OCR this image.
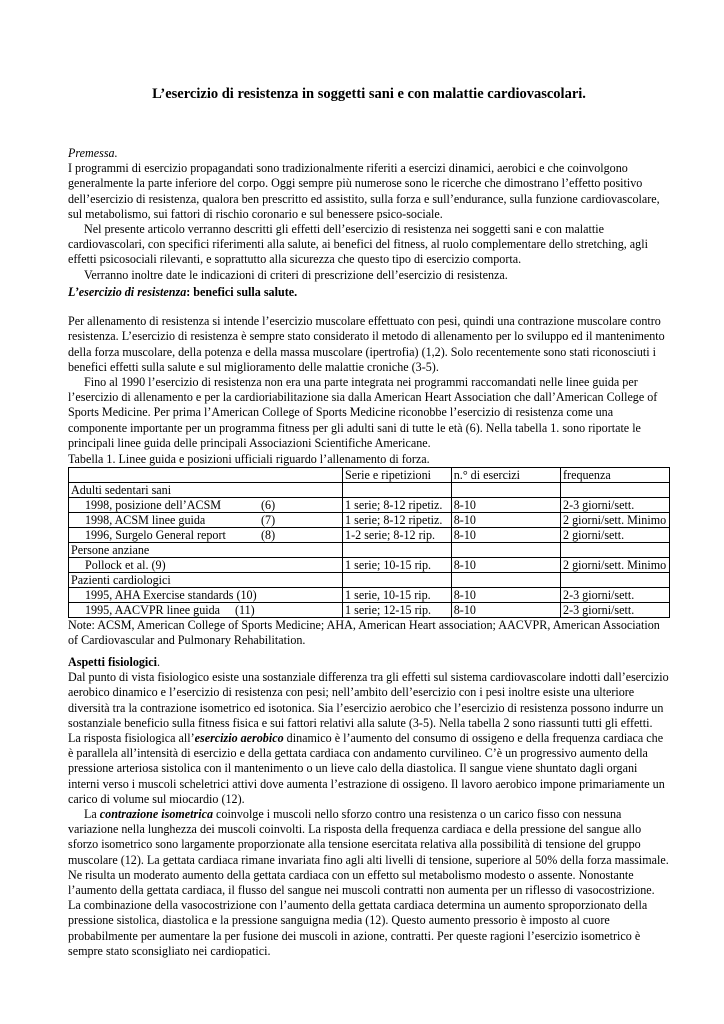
L’esercizio di resistenza in soggetti sani e con malattie cardiovascolari.

Premessa.

I programmi di esercizio propagandati sono tradizionalmente riferiti a esercizi dinamici, aerobici e che coinvolgono generalmente la parte inferiore del corpo. Oggi sempre più numerose sono le ricerche che dimostrano l’effetto positivo dell’esercizio di resistenza, qualora ben prescritto ed assistito, sulla forza e sull’endurance, sulla funzione cardiovascolare, sul metabolismo, sui fattori di rischio coronario e sul benessere psico-sociale.

Nel presente articolo verranno descritti gli effetti dell’esercizio di resistenza nei soggetti sani e con malattie cardiovascolari, con specifici riferimenti alla salute, ai benefici del fitness, al ruolo complementare dello stretching, agli effetti psicosociali rilevanti, e soprattutto alla sicurezza che questo tipo di esercizio comporta.

Verranno inoltre date le indicazioni di criteri di prescrizione dell’esercizio di resistenza.

L’esercizio di resistenza: benefici sulla salute.

Per allenamento di resistenza si intende l’esercizio muscolare effettuato con pesi, quindi una contrazione muscolare contro resistenza. L’esercizio di resistenza è sempre stato considerato il metodo di allenamento per lo sviluppo ed il mantenimento della forza muscolare, della potenza e della massa muscolare (ipertrofia) (1,2). Solo recentemente sono stati riconosciuti i benefici effetti sulla salute e sul miglioramento delle malattie croniche (3-5).

Fino al 1990 l’esercizio di resistenza non era una parte integrata nei programmi raccomandati nelle linee guida per l’esercizio di allenamento e per la cardioriabilitazione sia dalla American Heart Association che dall’American College of Sports Medicine. Per prima l’American College of Sports Medicine riconobbe l’esercizio di resistenza come una componente importante per un programma fitness per gli adulti sani di tutte le età (6). Nella tabella 1. sono riportate le principali linee guida delle principali Associazioni Scientifiche Americane.

Tabella 1. Linee guida e posizioni ufficiali riguardo l’allenamento di forza.

	Serie e ripetizioni	n.° di esercizi	frequenza
Adulti sedentari sani			
1998, posizione dell’ACSM (6)	1 serie; 8-12 ripetiz.	8-10	2-3 giorni/sett.
1998, ACSM linee guida (7)	1 serie; 8-12 ripetiz.	8-10	2 giorni/sett. Minimo
1996, Surgelo General report (8)	1-2 serie; 8-12 rip.	8-10	2 giorni/sett.
Persone anziane			
Pollock et al. (9)	1 serie; 10-15 rip.	8-10	2 giorni/sett. Minimo
Pazienti cardiologici			
1995, AHA Exercise standards (10)	1 serie, 10-15 rip.	8-10	2-3 giorni/sett.
1995, AACVPR linee guida (11)	1 serie; 12-15 rip.	8-10	2-3 giorni/sett.

Note: ACSM, American College of Sports Medicine; AHA, American Heart association; AACVPR, American Association of Cardiovascular and Pulmonary Rehabilitation.

Aspetti fisiologici.

Dal punto di vista fisiologico esiste una sostanziale differenza tra gli effetti sul sistema cardiovascolare indotti dall’esercizio aerobico dinamico e l’esercizio di resistenza con pesi; nell’ambito dell’esercizio con i pesi inoltre esiste una ulteriore diversità tra la contrazione isometrico ed isotonica. Sia l’esercizio aerobico che l’esercizio di resistenza possono indurre un sostanziale beneficio sulla fitness fisica e sui fattori relativi alla salute (3-5). Nella tabella 2 sono riassunti tutti gli effetti.

La risposta fisiologica all’esercizio aerobico dinamico è l’aumento del consumo di ossigeno e della frequenza cardiaca che è parallela all’intensità di esercizio e della gettata cardiaca con andamento curvilineo. C’è un progressivo aumento della pressione arteriosa sistolica con il mantenimento o un lieve calo della diastolica. Il sangue viene shuntato dagli organi interni verso i muscoli scheletrici attivi dove aumenta l’estrazione di ossigeno. Il lavoro aerobico impone primariamente un carico di volume sul miocardio (12).

La contrazione isometrica coinvolge i muscoli nello sforzo contro una resistenza o un carico fisso con nessuna variazione nella lunghezza dei muscoli coinvolti. La risposta della frequenza cardiaca e della pressione del sangue allo sforzo isometrico sono largamente proporzionate alla tensione esercitata relativa alla possibilità di tensione del gruppo muscolare (12). La gettata cardiaca rimane invariata fino agli alti livelli di tensione, superiore al 50% della forza massimale. Ne risulta un moderato aumento della gettata cardiaca con un effetto sul metabolismo modesto o assente. Nonostante l’aumento della gettata cardiaca, il flusso del sangue nei muscoli contratti non aumenta per un riflesso di vasocostrizione. La combinazione della vasocostrizione con l’aumento della gettata cardiaca determina un aumento sproporzionato della pressione sistolica, diastolica e la pressione sanguigna media (12). Questo aumento pressorio è imposto al cuore probabilmente per aumentare la per fusione dei muscoli in azione, contratti. Per queste ragioni l’esercizio isometrico è sempre stato sconsigliato nei cardiopatici.
